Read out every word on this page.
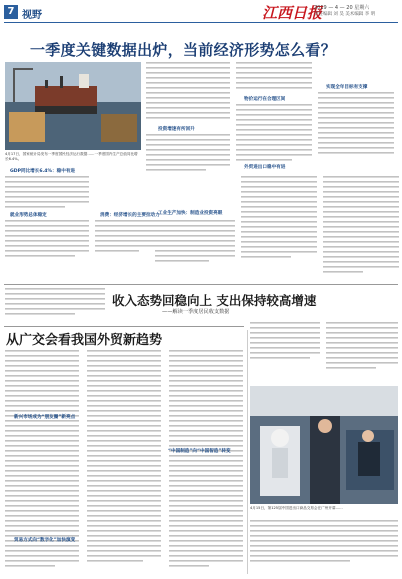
7 视野	江西日报
2019 — 4 — 20 星期六
责任编辑 刘 昊 美术编辑 李 明
一季度关键数据出炉，当前经济形势怎么看？
4月17日，国家统计局发布一季度国民经济运行数据……一季度国内生产总值同比增长6.4%。
GDP同比增长6.4%：稳中有进
就业形势总体稳定	消费：经济增长的主要拉动力
投资增速有所回升
工业生产加快：制造业投资亮眼
物价运行在合理区间
外贸进出口稳中有进
实现全年目标有支撑
收入态势回稳向上 支出保持较高增速
——解读一季度居民收支数据
从广交会看我国外贸新趋势
新兴市场成为“朋友圈”新亮点
“中国制造”向“中国智造”转变
贸易方式向“数字化”加快演变
4月15日，第125届中国进出口商品交易会在广州开幕……
